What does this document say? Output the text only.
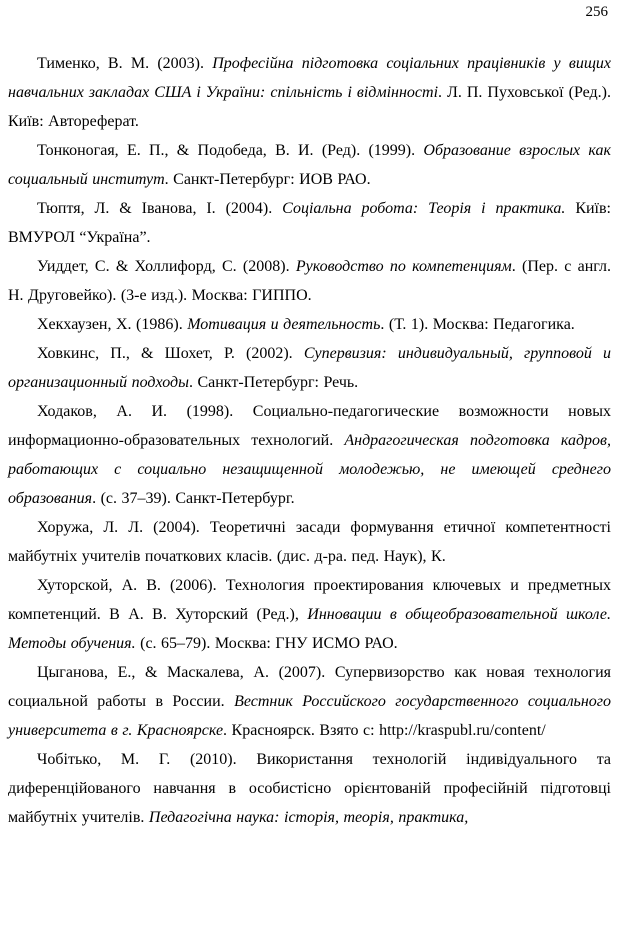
256

Тименко, В. М. (2003). Професійна підготовка соціальних працівників у вищих навчальних закладах США і України: спільність і відмінності. Л. П. Пуховської (Ред.). Київ: Автореферат.

Тонконогая, Е. П., & Подобеда, В. И. (Ред). (1999). Образование взрослых как социальный институт. Санкт-Петербург: ИОВ РАО.

Тюптя, Л. & Іванова, І. (2004). Соціальна робота: Теорія і практика. Київ: ВМУРОЛ “Україна”.

Уиддет, С. & Холлифорд, С. (2008). Руководство по компетенциям. (Пер. с англ. Н. Друговейко). (3-е изд.). Москва: ГИППО.

Хекхаузен, Х. (1986). Мотивация и деятельность. (Т. 1). Москва: Педагогика.

Ховкинс, П., & Шохет, Р. (2002). Супервизия: индивидуальный, групповой и организационный подходы. Санкт-Петербург: Речь.

Ходаков, А. И. (1998). Социально-педагогические возможности новых информационно-образовательных технологий. Андрагогическая подготовка кадров, работающих с социально незащищенной молодежью, не имеющей среднего образования. (с. 37–39). Санкт-Петербург.

Хоружа, Л. Л. (2004). Теоретичні засади формування етичної компетентності майбутніх учителів початкових класів. (дис. д-ра. пед. Наук), К.

Хуторской, А. В. (2006). Технология проектирования ключевых и предметных компетенций. В А. В. Хуторский (Ред.), Инновации в общеобразовательной школе. Методы обучения. (с. 65–79). Москва: ГНУ ИСМО РАО.

Цыганова, Е., & Маскалева, А. (2007). Супервизорство как новая технология социальной работы в России. Вестник Российского государственного социального университета в г. Красноярске. Красноярск. Взято с: http://kraspubl.ru/content/

Чобітько, М. Г. (2010). Використання технологій індивідуального та диференційованого навчання в особистісно орієнтованій професійній підготовці майбутніх учителів. Педагогічна наука: історія, теорія, практика,
